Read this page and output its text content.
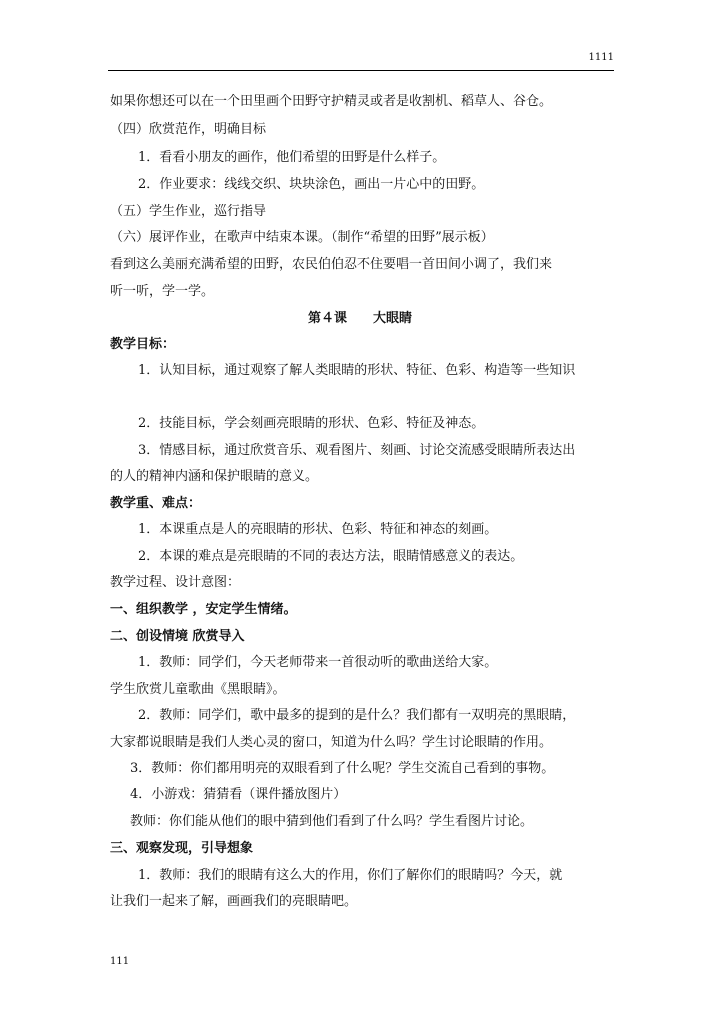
1111
如果你想还可以在一个田里画个田野守护精灵或者是收割机、稻草人、谷仓。
（四）欣赏范作，明确目标
1．看看小朋友的画作，他们希望的田野是什么样子。
2．作业要求：线线交织、块块涂色，画出一片心中的田野。
（五）学生作业，巡行指导
（六）展评作业，在歌声中结束本课。（制作“希望的田野”展示板）
看到这么美丽充满希望的田野，农民伯伯忍不住要唱一首田间小调了，我们来
听一听，学一学。
第４课　　大眼睛
教学目标：
1．认知目标，通过观察了解人类眼睛的形状、特征、色彩、构造等一些知识
2．技能目标，学会刻画亮眼睛的形状、色彩、特征及神态。
3．情感目标，通过欣赏音乐、观看图片、刻画、讨论交流感受眼睛所表达出
的人的精神内涵和保护眼睛的意义。
教学重、难点：
1．本课重点是人的亮眼睛的形状、色彩、特征和神态的刻画。
2．本课的难点是亮眼睛的不同的表达方法，眼睛情感意义的表达。
教学过程、设计意图：
一、组织教学 ，安定学生情绪。
二、创设情境 欣赏导入
1．教师：同学们，今天老师带来一首很动听的歌曲送给大家。
学生欣赏儿童歌曲《黑眼睛》。
2．教师：同学们，歌中最多的提到的是什么？我们都有一双明亮的黑眼睛，
大家都说眼睛是我们人类心灵的窗口，知道为什么吗？学生讨论眼睛的作用。
3．教师：你们都用明亮的双眼看到了什么呢？学生交流自己看到的事物。
4．小游戏：猜猜看（课件播放图片）
教师：你们能从他们的眼中猜到他们看到了什么吗？学生看图片讨论。
三、观察发现，引导想象
1．教师：我们的眼睛有这么大的作用，你们了解你们的眼睛吗？今天，就
让我们一起来了解，画画我们的亮眼睛吧。
111
